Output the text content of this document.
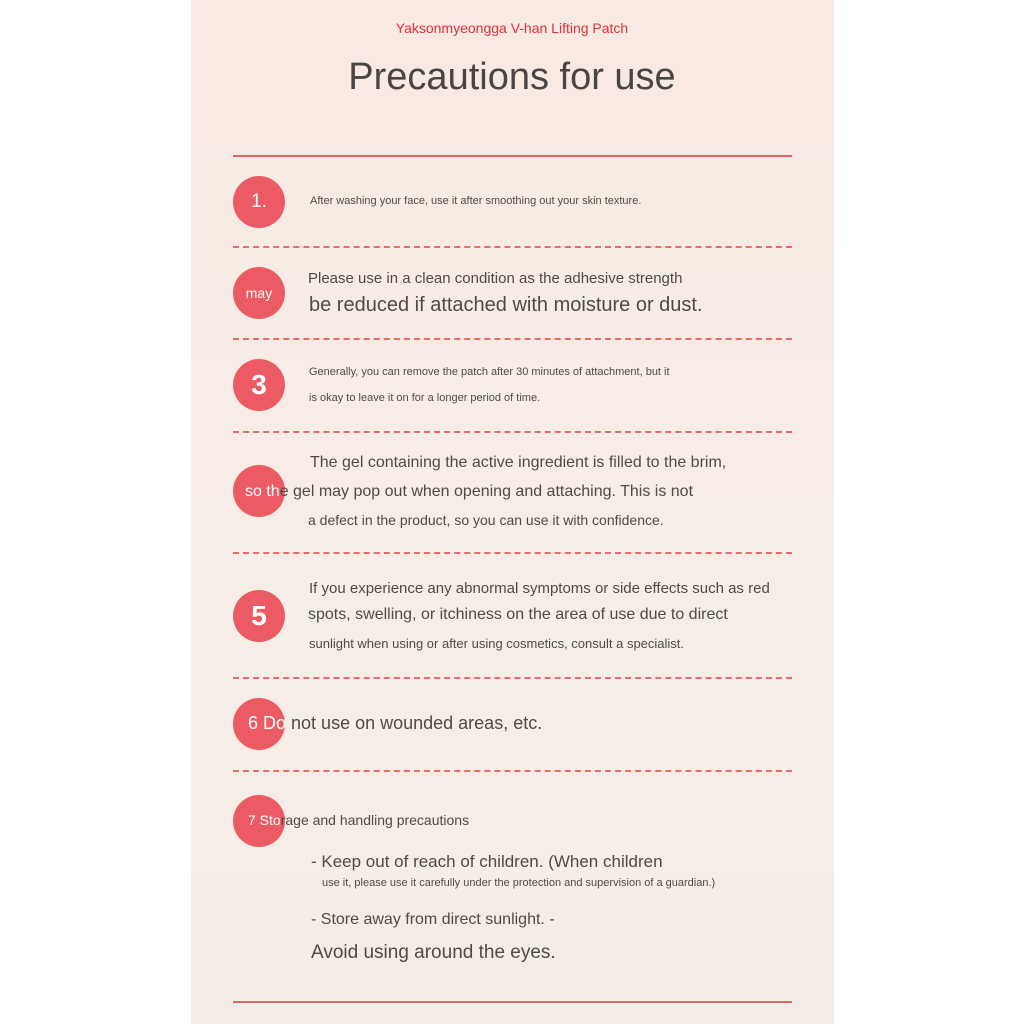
Yaksonmyeongga V-han Lifting Patch
Precautions for use
1.	After washing your face, use it after smoothing out your skin texture.
may
Please use in a clean condition as the adhesive strength
be reduced if attached with moisture or dust.
3	Generally, you can remove the patch after 30 minutes of attachment, but it
is okay to leave it on for a longer period of time.
The gel containing the active ingredient is filled to the brim,
so the gel may pop out when opening and attaching. This is not
a defect in the product, so you can use it with confidence.
5
If you experience any abnormal symptoms or side effects such as red
spots, swelling, or itchiness on the area of use due to direct
sunlight when using or after using cosmetics, consult a specialist.
6 Do not use on wounded areas, etc.
7 Storage and handling precautions
- Keep out of reach of children. (When children
use it, please use it carefully under the protection and supervision of a guardian.)
- Store away from direct sunlight. -
Avoid using around the eyes.
